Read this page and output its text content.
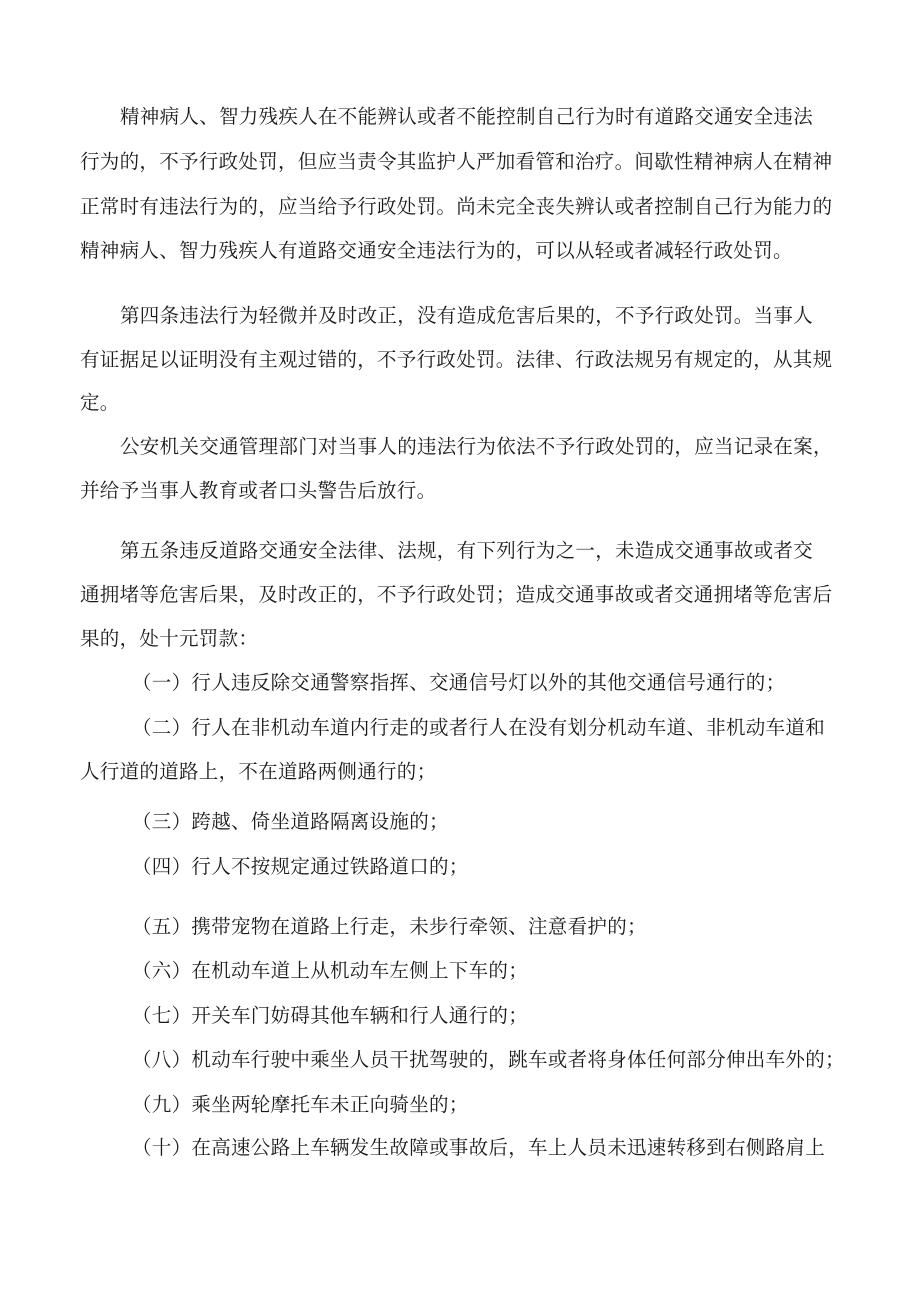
精神病人、智力残疾人在不能辨认或者不能控制自己行为时有道路交通安全违法
行为的，不予行政处罚，但应当责令其监护人严加看管和治疗。间歇性精神病人在精神
正常时有违法行为的，应当给予行政处罚。尚未完全丧失辨认或者控制自己行为能力的
精神病人、智力残疾人有道路交通安全违法行为的，可以从轻或者减轻行政处罚。
第四条违法行为轻微并及时改正，没有造成危害后果的，不予行政处罚。当事人
有证据足以证明没有主观过错的，不予行政处罚。法律、行政法规另有规定的，从其规
定。
公安机关交通管理部门对当事人的违法行为依法不予行政处罚的，应当记录在案，
并给予当事人教育或者口头警告后放行。
第五条违反道路交通安全法律、法规，有下列行为之一，未造成交通事故或者交
通拥堵等危害后果，及时改正的，不予行政处罚；造成交通事故或者交通拥堵等危害后
果的，处十元罚款：
（一）行人违反除交通警察指挥、交通信号灯以外的其他交通信号通行的；
（二）行人在非机动车道内行走的或者行人在没有划分机动车道、非机动车道和
人行道的道路上，不在道路两侧通行的；
（三）跨越、倚坐道路隔离设施的；
（四）行人不按规定通过铁路道口的；
（五）携带宠物在道路上行走，未步行牵领、注意看护的；
（六）在机动车道上从机动车左侧上下车的；
（七）开关车门妨碍其他车辆和行人通行的；
（八）机动车行驶中乘坐人员干扰驾驶的，跳车或者将身体任何部分伸出车外的；
（九）乘坐两轮摩托车未正向骑坐的；
（十）在高速公路上车辆发生故障或事故后，车上人员未迅速转移到右侧路肩上
